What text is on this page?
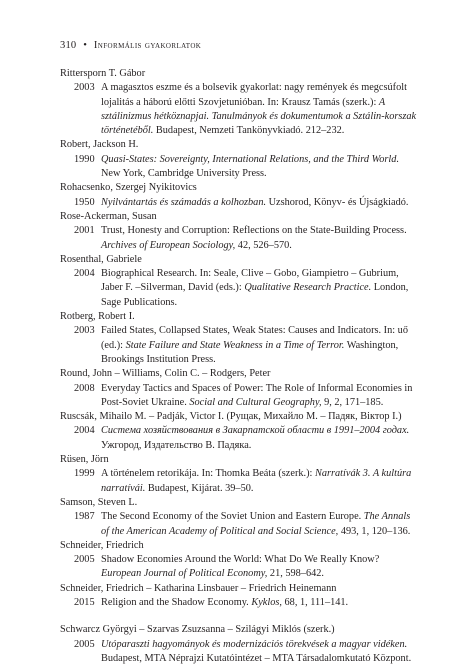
310 • Informális gyakorlatok
Rittersporn T. Gábor
2003 A magasztos eszme és a bolsevik gyakorlat: nagy remények és megcsúfolt lojalitás a háború előtti Szovjetunióban. In: Krausz Tamás (szerk.): A sztálinizmus hétköznapjai. Tanulmányok és dokumentumok a Sztálin-korszak történetéből. Budapest, Nemzeti Tankönyvkiadó. 212–232.
Robert, Jackson H.
1990 Quasi-States: Sovereignty, International Relations, and the Third World. New York, Cambridge University Press.
Rohacsenko, Szergej Nyikitovics
1950 Nyilvántartás és számadás a kolhozban. Uzshorod, Könyv- és Újságkiadó.
Rose-Ackerman, Susan
2001 Trust, Honesty and Corruption: Reflections on the State-Building Process. Archives of European Sociology, 42, 526–570.
Rosenthal, Gabriele
2004 Biographical Research. In: Seale, Clive – Gobo, Giampietro – Gubrium, Jaber F. –Silverman, David (eds.): Qualitative Research Practice. London, Sage Publications.
Rotberg, Robert I.
2003 Failed States, Collapsed States, Weak States: Causes and Indicators. In: uő (ed.): State Failure and State Weakness in a Time of Terror. Washington, Brookings Institution Press.
Round, John – Williams, Colin C. – Rodgers, Peter
2008 Everyday Tactics and Spaces of Power: The Role of Informal Economies in Post-Soviet Ukraine. Social and Cultural Geography, 9, 2, 171–185.
Ruscsák, Mihailo M. – Padják, Victor I. (Рущак, Михайло М. – Падяк, Віктор І.)
2004 Система хозяйствования в Закарпатской области в 1991–2004 годах. Ужгород, Издательство В. Падяка.
Rüsen, Jörn
1999 A történelem retorikája. In: Thomka Beáta (szerk.): Narratívák 3. A kultúra narratívái. Budapest, Kijárat. 39–50.
Samson, Steven L.
1987 The Second Economy of the Soviet Union and Eastern Europe. The Annals of the American Academy of Political and Social Science, 493, 1, 120–136.
Schneider, Friedrich
2005 Shadow Economies Around the World: What Do We Really Know? European Journal of Political Economy, 21, 598–642.
Schneider, Friedrich – Katharina Linsbauer – Friedrich Heinemann
2015 Religion and the Shadow Economy. Kyklos, 68, 1, 111–141.
Schwarcz Györgyi – Szarvas Zsuzsanna – Szilágyi Miklós (szerk.)
2005 Utóparaszti hagyományok és modernizációs törekvések a magyar vidéken. Budapest, MTA Néprajzi Kutatóintézet – MTA Társadalomkutató Központ.
